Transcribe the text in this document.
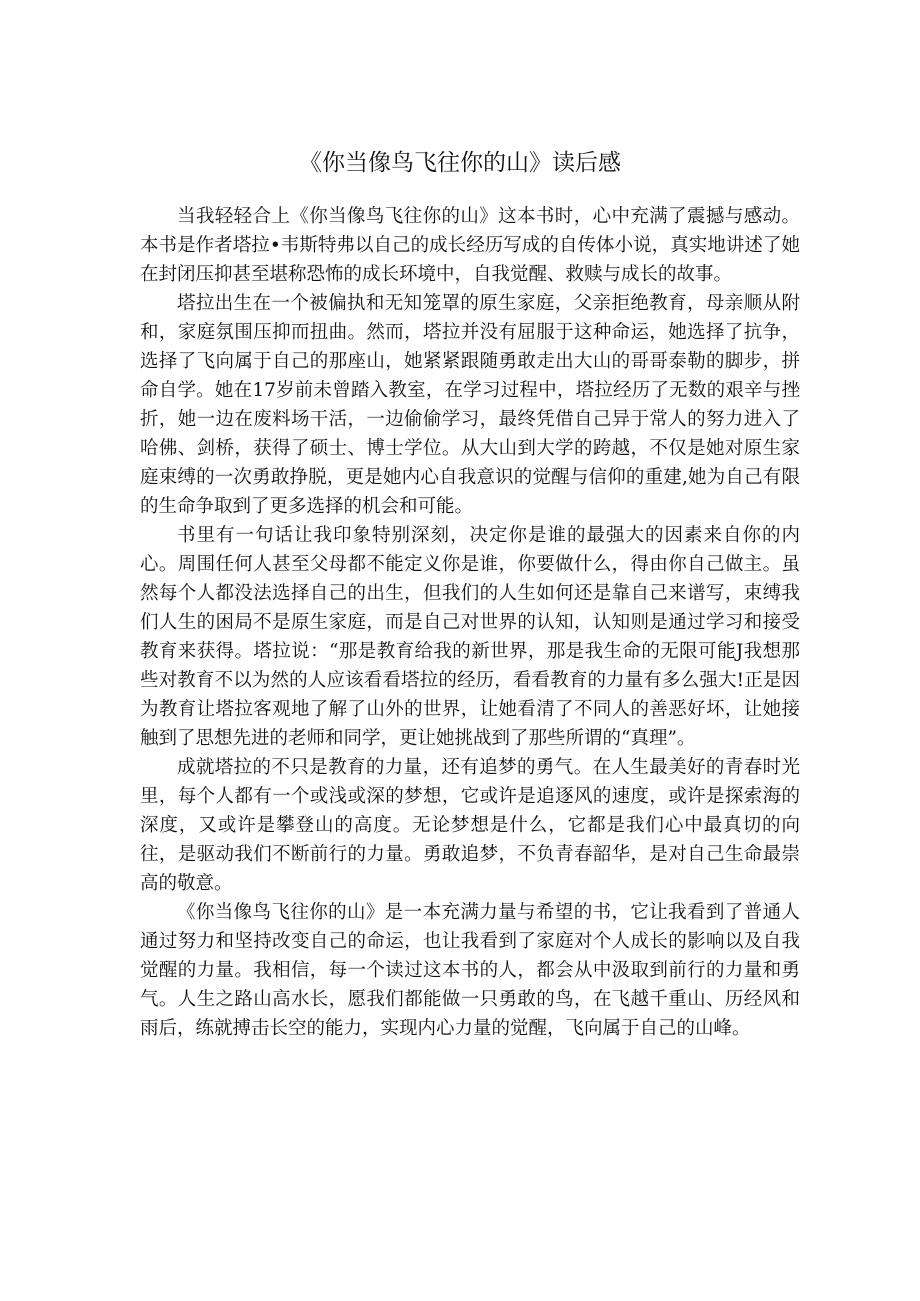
《你当像鸟飞往你的山》读后感

当我轻轻合上《你当像鸟飞往你的山》这本书时，心中充满了震撼与感动。本书是作者塔拉•韦斯特弗以自己的成长经历写成的自传体小说，真实地讲述了她在封闭压抑甚至堪称恐怖的成长环境中，自我觉醒、救赎与成长的故事。

塔拉出生在一个被偏执和无知笼罩的原生家庭，父亲拒绝教育，母亲顺从附和，家庭氛围压抑而扭曲。然而，塔拉并没有屈服于这种命运，她选择了抗争，选择了飞向属于自己的那座山，她紧紧跟随勇敢走出大山的哥哥泰勒的脚步，拼命自学。她在17岁前未曾踏入教室，在学习过程中，塔拉经历了无数的艰辛与挫折，她一边在废料场干活，一边偷偷学习，最终凭借自己异于常人的努力进入了哈佛、剑桥，获得了硕士、博士学位。从大山到大学的跨越，不仅是她对原生家庭束缚的一次勇敢挣脱，更是她内心自我意识的觉醒与信仰的重建,她为自己有限的生命争取到了更多选择的机会和可能。

书里有一句话让我印象特别深刻，决定你是谁的最强大的因素来自你的内心。周围任何人甚至父母都不能定义你是谁，你要做什么，得由你自己做主。虽然每个人都没法选择自己的出生，但我们的人生如何还是靠自己来谱写，束缚我们人生的困局不是原生家庭，而是自己对世界的认知，认知则是通过学习和接受教育来获得。塔拉说：“那是教育给我的新世界，那是我生命的无限可能J我想那些对教育不以为然的人应该看看塔拉的经历，看看教育的力量有多么强大!正是因为教育让塔拉客观地了解了山外的世界，让她看清了不同人的善恶好坏，让她接触到了思想先进的老师和同学，更让她挑战到了那些所谓的“真理”。

成就塔拉的不只是教育的力量，还有追梦的勇气。在人生最美好的青春时光里，每个人都有一个或浅或深的梦想，它或许是追逐风的速度，或许是探索海的深度，又或许是攀登山的高度。无论梦想是什么，它都是我们心中最真切的向往，是驱动我们不断前行的力量。勇敢追梦，不负青春韶华，是对自己生命最崇高的敬意。

《你当像鸟飞往你的山》是一本充满力量与希望的书，它让我看到了普通人通过努力和坚持改变自己的命运，也让我看到了家庭对个人成长的影响以及自我觉醒的力量。我相信，每一个读过这本书的人，都会从中汲取到前行的力量和勇气。人生之路山高水长，愿我们都能做一只勇敢的鸟，在飞越千重山、历经风和雨后，练就搏击长空的能力，实现内心力量的觉醒，飞向属于自己的山峰。
